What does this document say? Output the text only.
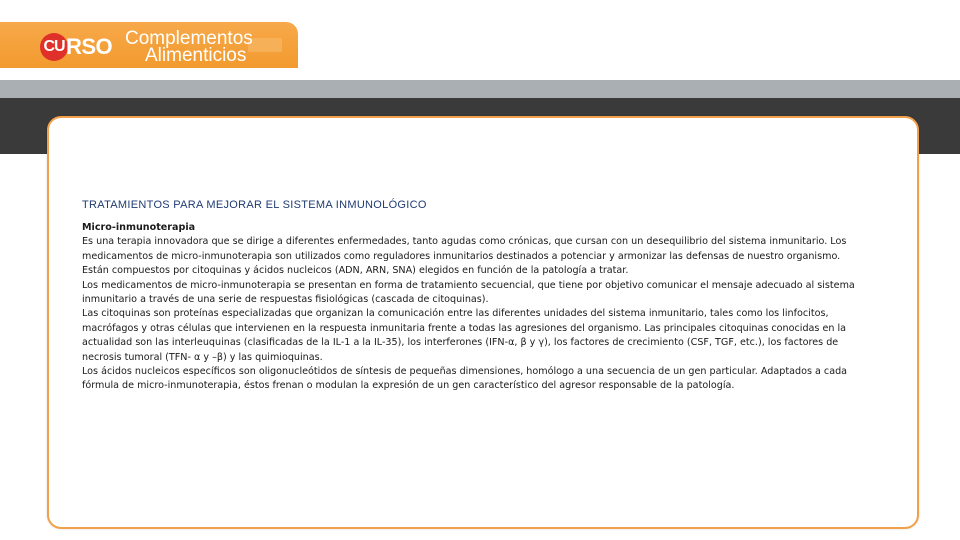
CU RSO Complementos
Alimenticios
TRATAMIENTOS PARA MEJORAR EL SISTEMA INMUNOLÓGICO

Micro-inmunoterapia

Es una terapia innovadora que se dirige a diferentes enfermedades, tanto agudas como crónicas, que cursan con un desequilibrio del sistema inmunitario. Los

medicamentos de micro-inmunoterapia son utilizados como reguladores inmunitarios destinados a potenciar y armonizar las defensas de nuestro organismo.

Están compuestos por citoquinas y ácidos nucleicos (ADN, ARN, SNA) elegidos en función de la patología a tratar.

Los medicamentos de micro-inmunoterapia se presentan en forma de tratamiento secuencial, que tiene por objetivo comunicar el mensaje adecuado al sistema

inmunitario a través de una serie de respuestas fisiológicas (cascada de citoquinas).

Las citoquinas son proteínas especializadas que organizan la comunicación entre las diferentes unidades del sistema inmunitario, tales como los linfocitos,

macrófagos y otras células que intervienen en la respuesta inmunitaria frente a todas las agresiones del organismo. Las principales citoquinas conocidas en la

actualidad son las interleuquinas (clasificadas de la IL-1 a la IL-35), los interferones (IFN-α, β y γ), los factores de crecimiento (CSF, TGF, etc.), los factores de

necrosis tumoral (TFN- α y –β) y las quimioquinas.

Los ácidos nucleicos específicos son oligonucleótidos de síntesis de pequeñas dimensiones, homólogo a una secuencia de un gen particular. Adaptados a cada

fórmula de micro-inmunoterapia, éstos frenan o modulan la expresión de un gen característico del agresor responsable de la patología.
